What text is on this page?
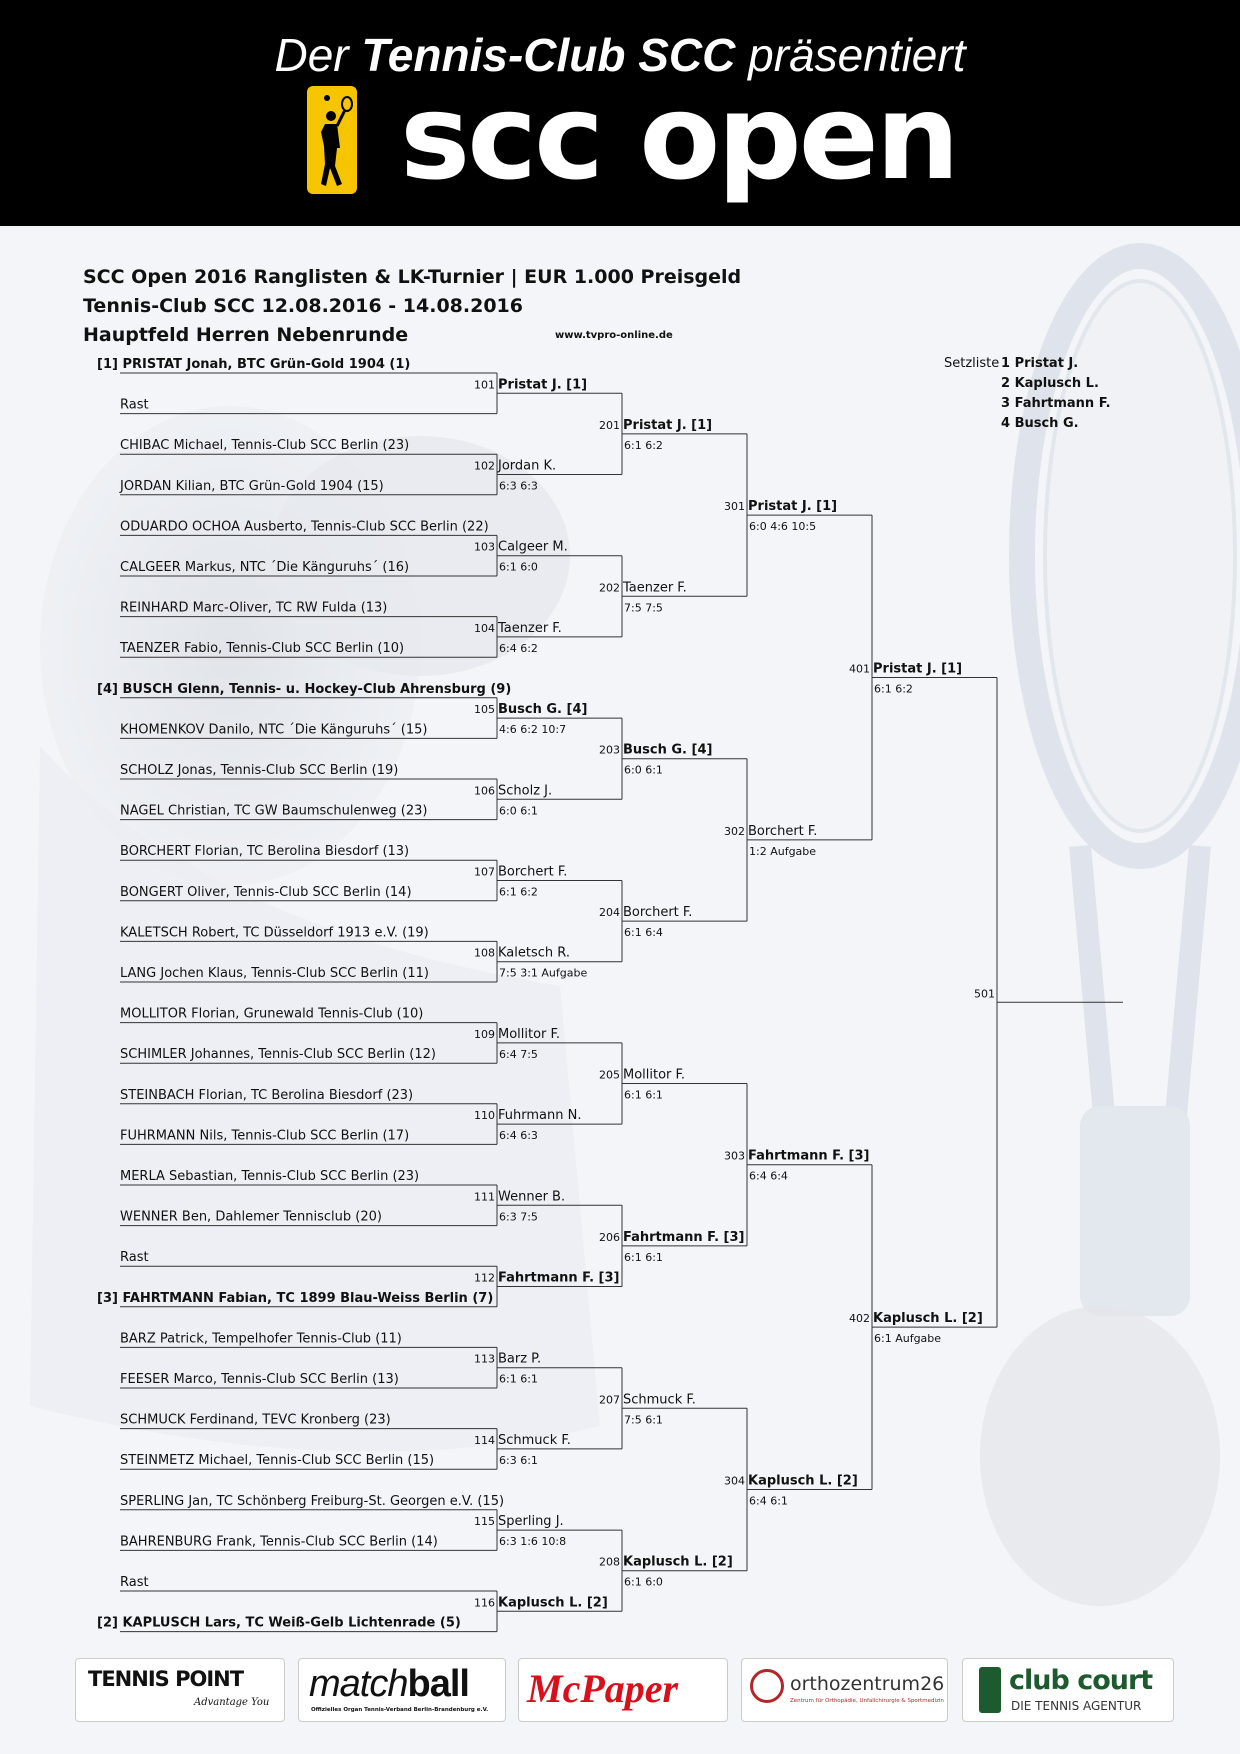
Der Tennis-Club SCC präsentiert
scc open
SCC Open 2016 Ranglisten & LK-Turnier | EUR 1.000 Preisgeld
Tennis-Club SCC 12.08.2016 - 14.08.2016
Hauptfeld Herren Nebenrunde	www.tvpro-online.de
Setzliste 1 Pristat J.
2 Kaplusch L.
3 Fahrtmann F.
4 Busch G.
[1] PRISTAT Jonah, BTC Grün-Gold 1904 (1)
Rast
CHIBAC Michael, Tennis-Club SCC Berlin (23)
JORDAN Kilian, BTC Grün-Gold 1904 (15)
ODUARDO OCHOA Ausberto, Tennis-Club SCC Berlin (22)
CALGEER Markus, NTC ´Die Känguruhs´ (16)
REINHARD Marc-Oliver, TC RW Fulda (13)
TAENZER Fabio, Tennis-Club SCC Berlin (10)
[4] BUSCH Glenn, Tennis- u. Hockey-Club Ahrensburg (9)
KHOMENKOV Danilo, NTC ´Die Känguruhs´ (15)
SCHOLZ Jonas, Tennis-Club SCC Berlin (19)
NAGEL Christian, TC GW Baumschulenweg (23)
BORCHERT Florian, TC Berolina Biesdorf (13)
BONGERT Oliver, Tennis-Club SCC Berlin (14)
KALETSCH Robert, TC Düsseldorf 1913 e.V. (19)
LANG Jochen Klaus, Tennis-Club SCC Berlin (11)
MOLLITOR Florian, Grunewald Tennis-Club (10)
SCHIMLER Johannes, Tennis-Club SCC Berlin (12)
STEINBACH Florian, TC Berolina Biesdorf (23)
FUHRMANN Nils, Tennis-Club SCC Berlin (17)
MERLA Sebastian, Tennis-Club SCC Berlin (23)
WENNER Ben, Dahlemer Tennisclub (20)
Rast
[3] FAHRTMANN Fabian, TC 1899 Blau-Weiss Berlin (7)
BARZ Patrick, Tempelhofer Tennis-Club (11)
FEESER Marco, Tennis-Club SCC Berlin (13)
SCHMUCK Ferdinand, TEVC Kronberg (23)
STEINMETZ Michael, Tennis-Club SCC Berlin (15)
SPERLING Jan, TC Schönberg Freiburg-St. Georgen e.V. (15)
BAHRENBURG Frank, Tennis-Club SCC Berlin (14)
Rast
[2] KAPLUSCH Lars, TC Weiß-Gelb Lichtenrade (5)
101 Pristat J. [1]
102 Jordan K.
6:3 6:3
103 Calgeer M.
6:1 6:0
104 Taenzer F.
6:4 6:2
105 Busch G. [4]
4:6 6:2 10:7
106 Scholz J.
6:0 6:1
107 Borchert F.
6:1 6:2
108 Kaletsch R.
7:5 3:1 Aufgabe
109 Mollitor F.
6:4 7:5
110 Fuhrmann N.
6:4 6:3
111 Wenner B.
6:3 7:5
112 Fahrtmann F. [3]
113 Barz P.
6:1 6:1
114 Schmuck F.
6:3 6:1
115 Sperling J.
6:3 1:6 10:8
116 Kaplusch L. [2]
201 Pristat J. [1]
6:1 6:2
202 Taenzer F.
7:5 7:5
203 Busch G. [4]
6:0 6:1
204 Borchert F.
6:1 6:4
205 Mollitor F.
6:1 6:1
206 Fahrtmann F. [3]
6:1 6:1
207 Schmuck F.
7:5 6:1
208 Kaplusch L. [2]
6:1 6:0
301 Pristat J. [1]
6:0 4:6 10:5
302 Borchert F.
1:2 Aufgabe
303 Fahrtmann F. [3]
6:4 6:4
304 Kaplusch L. [2]
6:4 6:1
401 Pristat J. [1]
6:1 6:2
402 Kaplusch L. [2]
6:1 Aufgabe
501
TENNIS POINT
Advantage You matchball
Offizielles Organ Tennis-Verband Berlin-Brandenburg e.V. McPaper	orthozentrum26
Zentrum für Orthopädie, Unfallchirurgie & Sportmedizin
club court
DIE TENNIS AGENTUR
